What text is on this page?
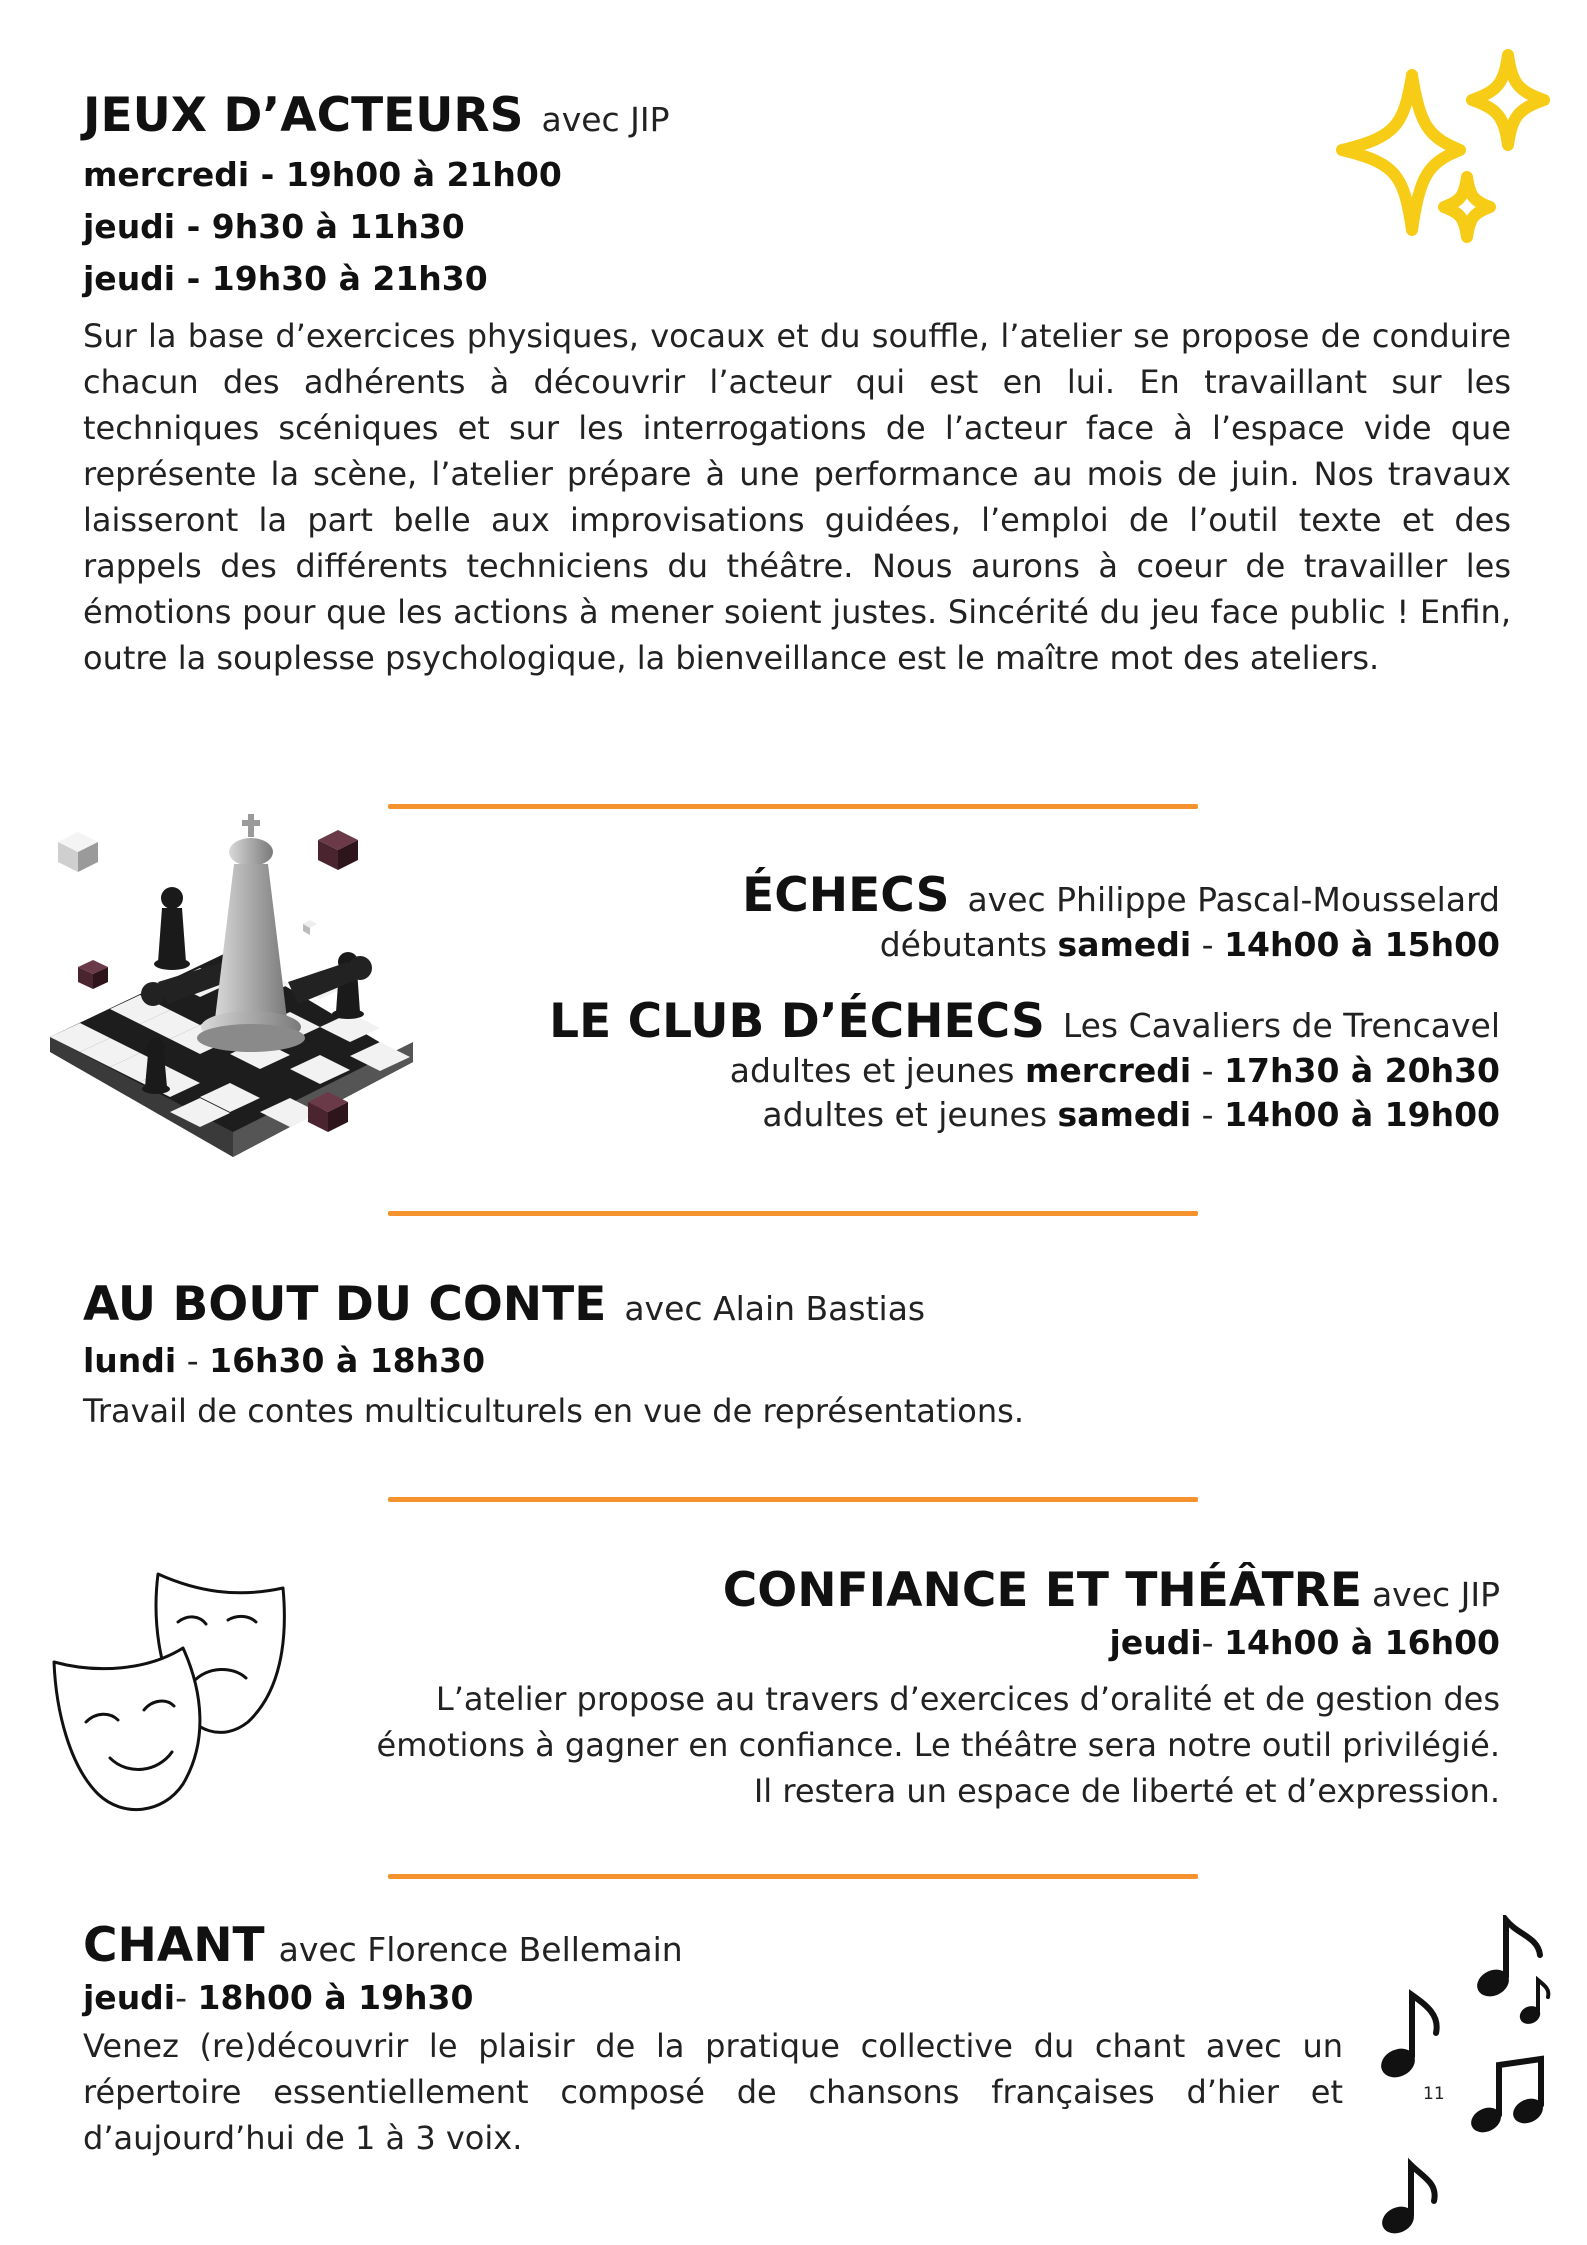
JEUX D’ACTEURS avec JIP
mercredi - 19h00 à 21h00
jeudi - 9h30 à 11h30
jeudi - 19h30 à 21h30
Sur la base d’exercices physiques, vocaux et du souffle, l’atelier se propose de conduire chacun des adhérents à découvrir l’acteur qui est en lui. En travaillant sur les techniques scéniques et sur les interrogations de l’acteur face à l’espace vide que représente la scène, l’atelier prépare à une performance au mois de juin. Nos travaux laisseront la part belle aux improvisations guidées, l’emploi de l’outil texte et des rappels des différents techniciens du théâtre. Nous aurons à coeur de travailler les émotions pour que les actions à mener soient justes. Sincérité du jeu face public ! Enfin, outre la souplesse psychologique, la bienveillance est le maître mot des ateliers.
ÉCHECS avec Philippe Pascal-Mousselard
débutants samedi - 14h00 à 15h00
LE CLUB D’ÉCHECS Les Cavaliers de Trencavel
adultes et jeunes mercredi - 17h30 à 20h30
adultes et jeunes samedi - 14h00 à 19h00
AU BOUT DU CONTE avec Alain Bastias
lundi - 16h30 à 18h30
Travail de contes multiculturels en vue de représentations.
CONFIANCE ET THÉÂTRE avec JIP
jeudi- 14h00 à 16h00
L’atelier propose au travers d’exercices d’oralité et de gestion des
émotions à gagner en confiance. Le théâtre sera notre outil privilégié.
Il restera un espace de liberté et d’expression.
CHANT avec Florence Bellemain
jeudi- 18h00 à 19h30
Venez (re)découvrir le plaisir de la pratique collective du chant avec un répertoire essentiellement composé de chansons françaises d’hier et d’aujourd’hui de 1 à 3 voix.
11
